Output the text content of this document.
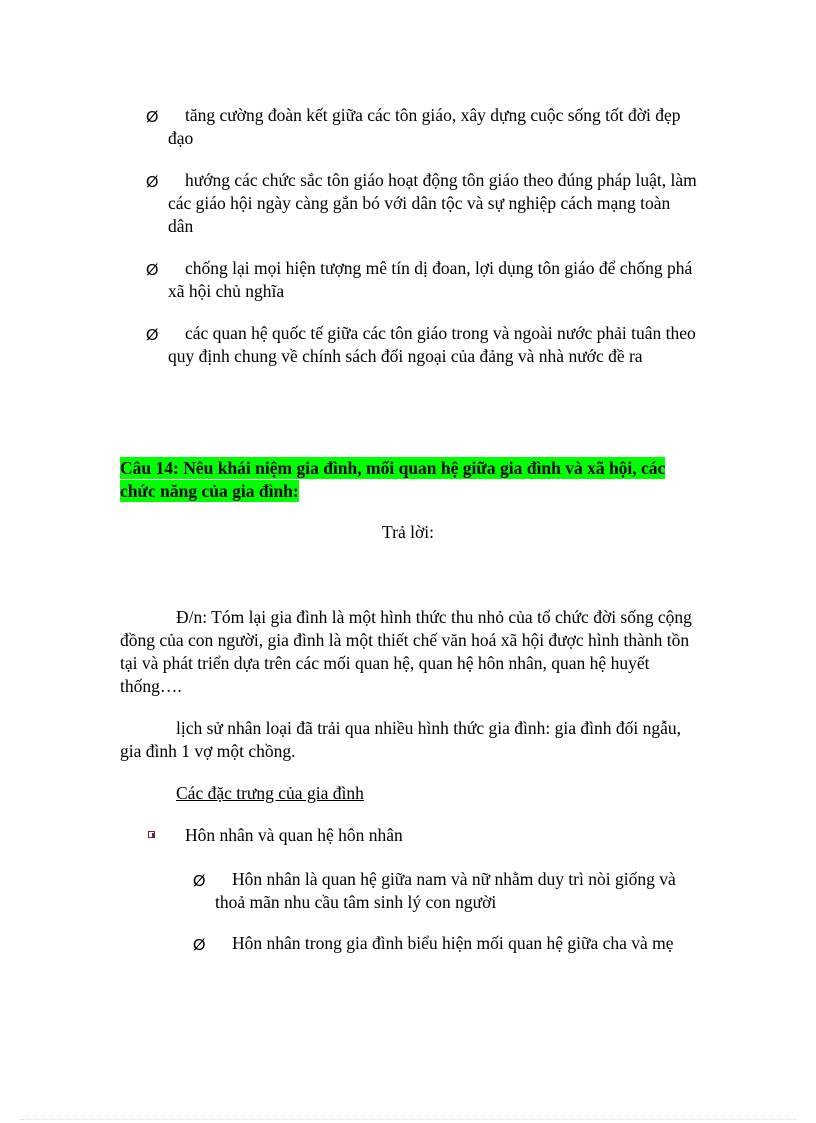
Ø	tăng cường đoàn kết giữa các tôn giáo, xây dựng cuộc sống tốt đời đẹp đạo

Ø	hướng các chức sắc tôn giáo hoạt động tôn giáo theo đúng pháp luật, làm các giáo hội ngày càng gắn bó với dân tộc và sự nghiệp cách mạng toàn dân

Ø	chống lại mọi hiện tượng mê tín dị đoan, lợi dụng tôn giáo để chống phá xã hội chủ nghĩa

Ø	các quan hệ quốc tế giữa các tôn giáo trong và ngoài nước phải tuân theo quy định chung về chính sách đối ngoại của đảng và nhà nước đề ra

Câu 14: Nêu khái niệm gia đình, mối quan hệ giữa gia đình và xã hội, các chức năng của gia đình:
Trả lời:

Đ/n: Tóm lại gia đình là một hình thức thu nhỏ của tổ chức đời sống cộng đồng của con người, gia đình là một thiết chế văn hoá xã hội được hình thành tồn tại và phát triển dựa trên các mối quan hệ, quan hệ hôn nhân, quan hệ huyết thống….

lịch sử nhân loại đã trải qua nhiều hình thức gia đình: gia đình đối ngẫu, gia đình 1 vợ một chồng.

Các đặc trưng của gia đình
Hôn nhân và quan hệ hôn nhân
Ø	Hôn nhân là quan hệ giữa nam và nữ nhằm duy trì nòi giống và thoả mãn nhu cầu tâm sinh lý con người

Ø	Hôn nhân trong gia đình biểu hiện mối quan hệ giữa cha và mẹ
